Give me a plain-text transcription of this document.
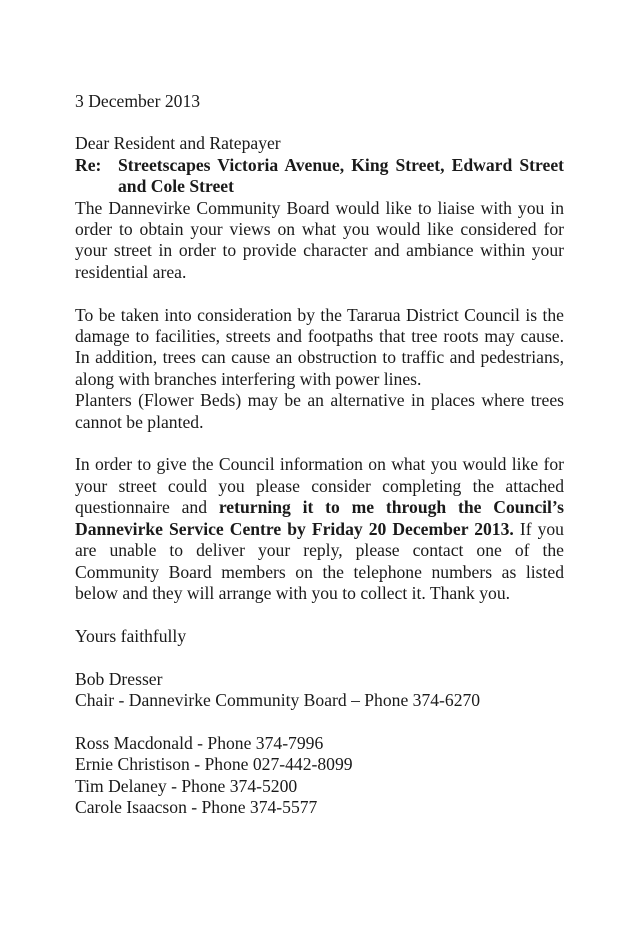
3 December 2013

Dear Resident and Ratepayer

Re: Streetscapes Victoria Avenue, King Street, Edward Street and Cole Street

The Dannevirke Community Board would like to liaise with you in order to obtain your views on what you would like considered for your street in order to provide character and ambiance within your residential area.

To be taken into consideration by the Tararua District Council is the damage to facilities, streets and footpaths that tree roots may cause. In addition, trees can cause an obstruction to traffic and pedestrians, along with branches interfering with power lines.

Planters (Flower Beds) may be an alternative in places where trees cannot be planted.

In order to give the Council information on what you would like for your street could you please consider completing the attached questionnaire and returning it to me through the Council’s Dannevirke Service Centre by Friday 20 December 2013. If you are unable to deliver your reply, please contact one of the Community Board members on the telephone numbers as listed below and they will arrange with you to collect it. Thank you.

Yours faithfully

Bob Dresser

Chair - Dannevirke Community Board – Phone 374-6270

Ross Macdonald - Phone 374-7996

Ernie Christison - Phone 027-442-8099

Tim Delaney - Phone 374-5200

Carole Isaacson - Phone 374-5577
